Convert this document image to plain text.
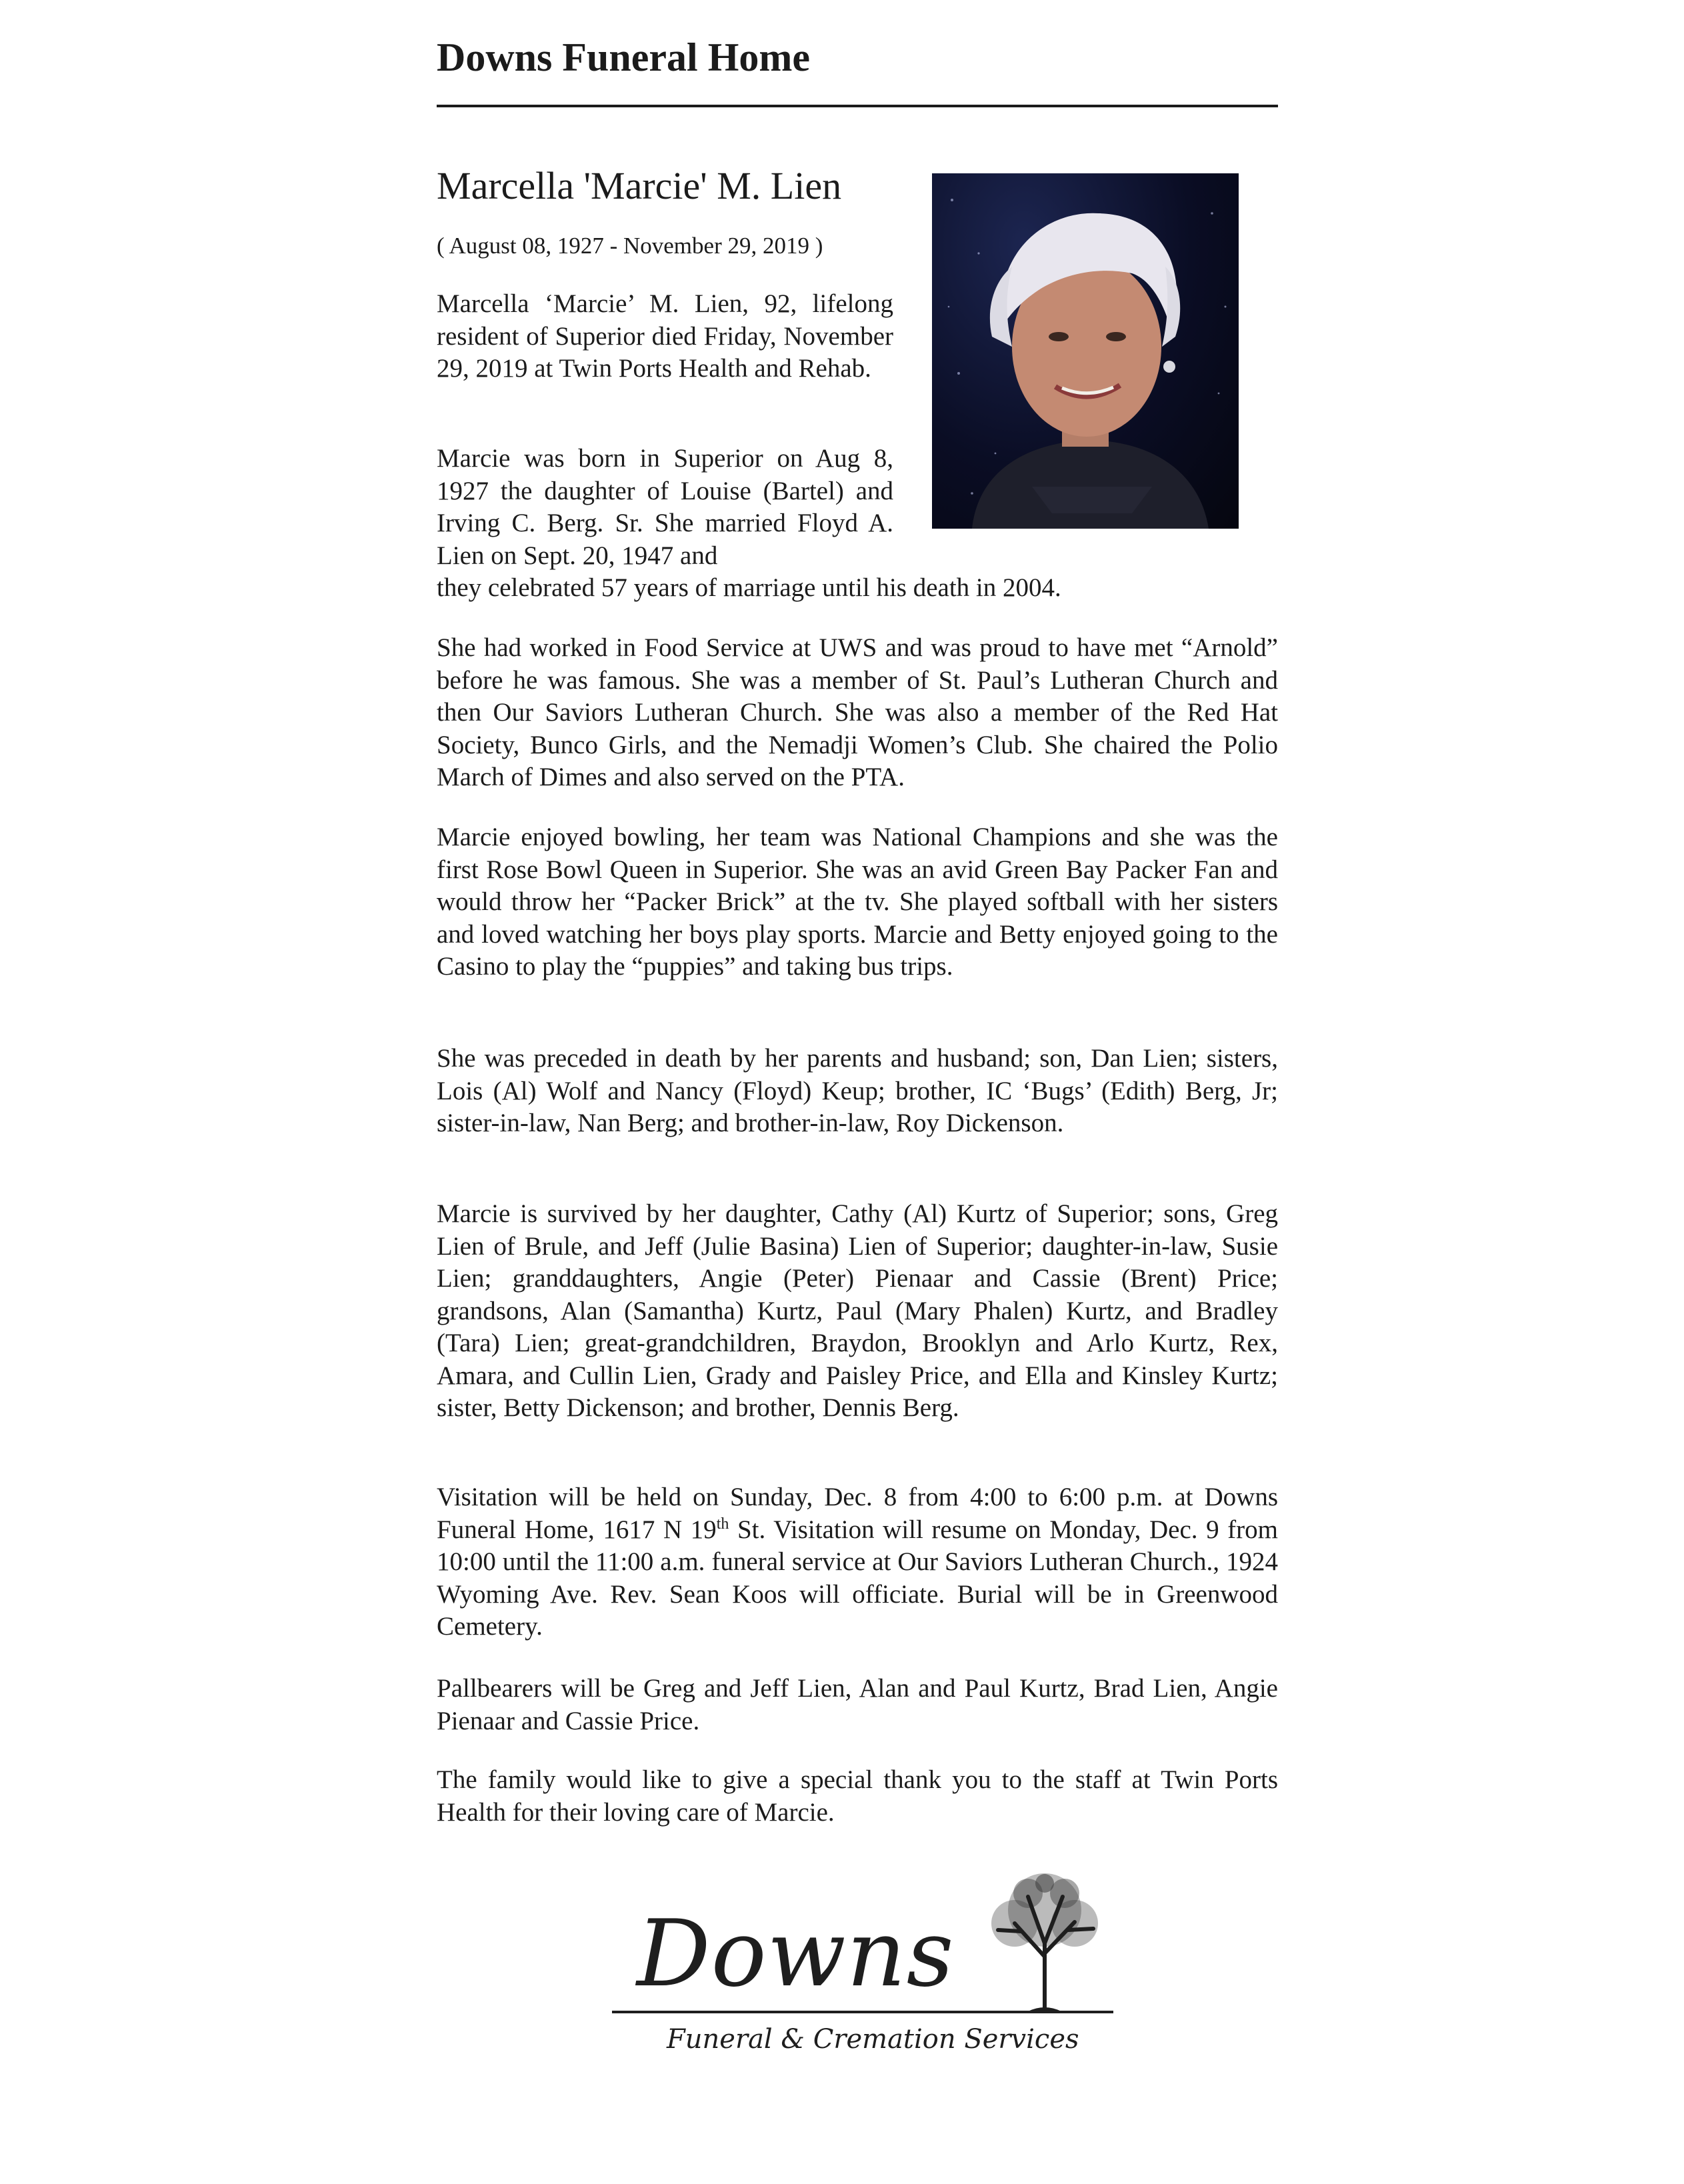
Downs Funeral Home
Marcella 'Marcie' M. Lien
( August 08, 1927 - November 29, 2019 )
Marcella ‘Marcie’ M. Lien, 92, lifelong resident of Superior died Friday, November 29, 2019 at Twin Ports Health and Rehab.
Marcie was born in Superior on Aug 8, 1927 the daughter of Louise (Bartel) and Irving C. Berg. Sr. She married Floyd A. Lien on Sept. 20, 1947 and
they celebrated 57 years of marriage until his death in 2004.
She had worked in Food Service at UWS and was proud to have met “Arnold” before he was famous. She was a member of St. Paul’s Lutheran Church and then Our Saviors Lutheran Church. She was also a member of the Red Hat Society, Bunco Girls, and the Nemadji Women’s Club. She chaired the Polio March of Dimes and also served on the PTA.
Marcie enjoyed bowling, her team was National Champions and she was the first Rose Bowl Queen in Superior. She was an avid Green Bay Packer Fan and would throw her “Packer Brick” at the tv. She played softball with her sisters and loved watching her boys play sports. Marcie and Betty enjoyed going to the Casino to play the “puppies” and taking bus trips.
She was preceded in death by her parents and husband; son, Dan Lien; sisters, Lois (Al) Wolf and Nancy (Floyd) Keup; brother, IC ‘Bugs’ (Edith) Berg, Jr; sister-in-law, Nan Berg; and brother-in-law, Roy Dickenson.
Marcie is survived by her daughter, Cathy (Al) Kurtz of Superior; sons, Greg Lien of Brule, and Jeff (Julie Basina) Lien of Superior; daughter-in-law, Susie Lien; granddaughters, Angie (Peter) Pienaar and Cassie (Brent) Price; grandsons, Alan (Samantha) Kurtz, Paul (Mary Phalen) Kurtz, and Bradley (Tara) Lien; great-grandchildren, Braydon, Brooklyn and Arlo Kurtz, Rex, Amara, and Cullin Lien, Grady and Paisley Price, and Ella and Kinsley Kurtz; sister, Betty Dickenson; and brother, Dennis Berg.
Visitation will be held on Sunday, Dec. 8 from 4:00 to 6:00 p.m. at Downs Funeral Home, 1617 N 19th St. Visitation will resume on Monday, Dec. 9 from 10:00 until the 11:00 a.m. funeral service at Our Saviors Lutheran Church., 1924 Wyoming Ave. Rev. Sean Koos will officiate. Burial will be in Greenwood Cemetery.
Pallbearers will be Greg and Jeff Lien, Alan and Paul Kurtz, Brad Lien, Angie Pienaar and Cassie Price.
The family would like to give a special thank you to the staff at Twin Ports Health for their loving care of Marcie.
Downs
Funeral & Cremation Services
